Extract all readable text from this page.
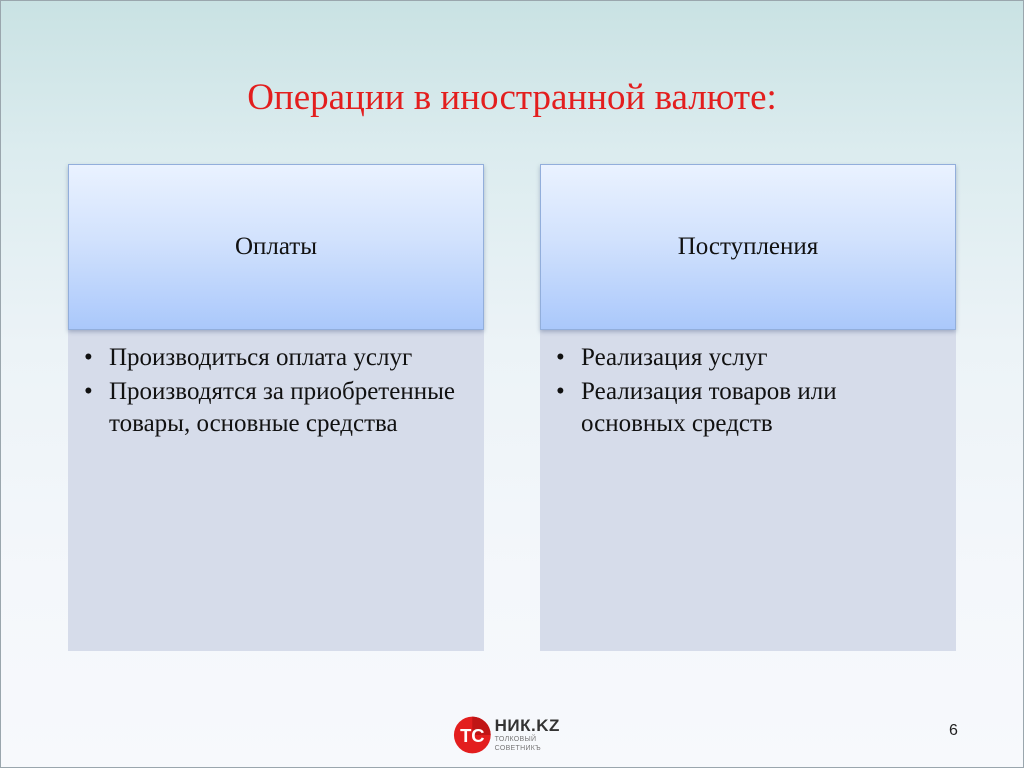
Операции в иностранной валюте:
Оплаты
• Производиться оплата услуг
• Производятся за приобретенные товары, основные средства
Поступления
• Реализация услуг
• Реализация товаров или основных средств
TC НИК.KZ
ТОЛКОВЫЙ СОВЕТНИКЪ
6
